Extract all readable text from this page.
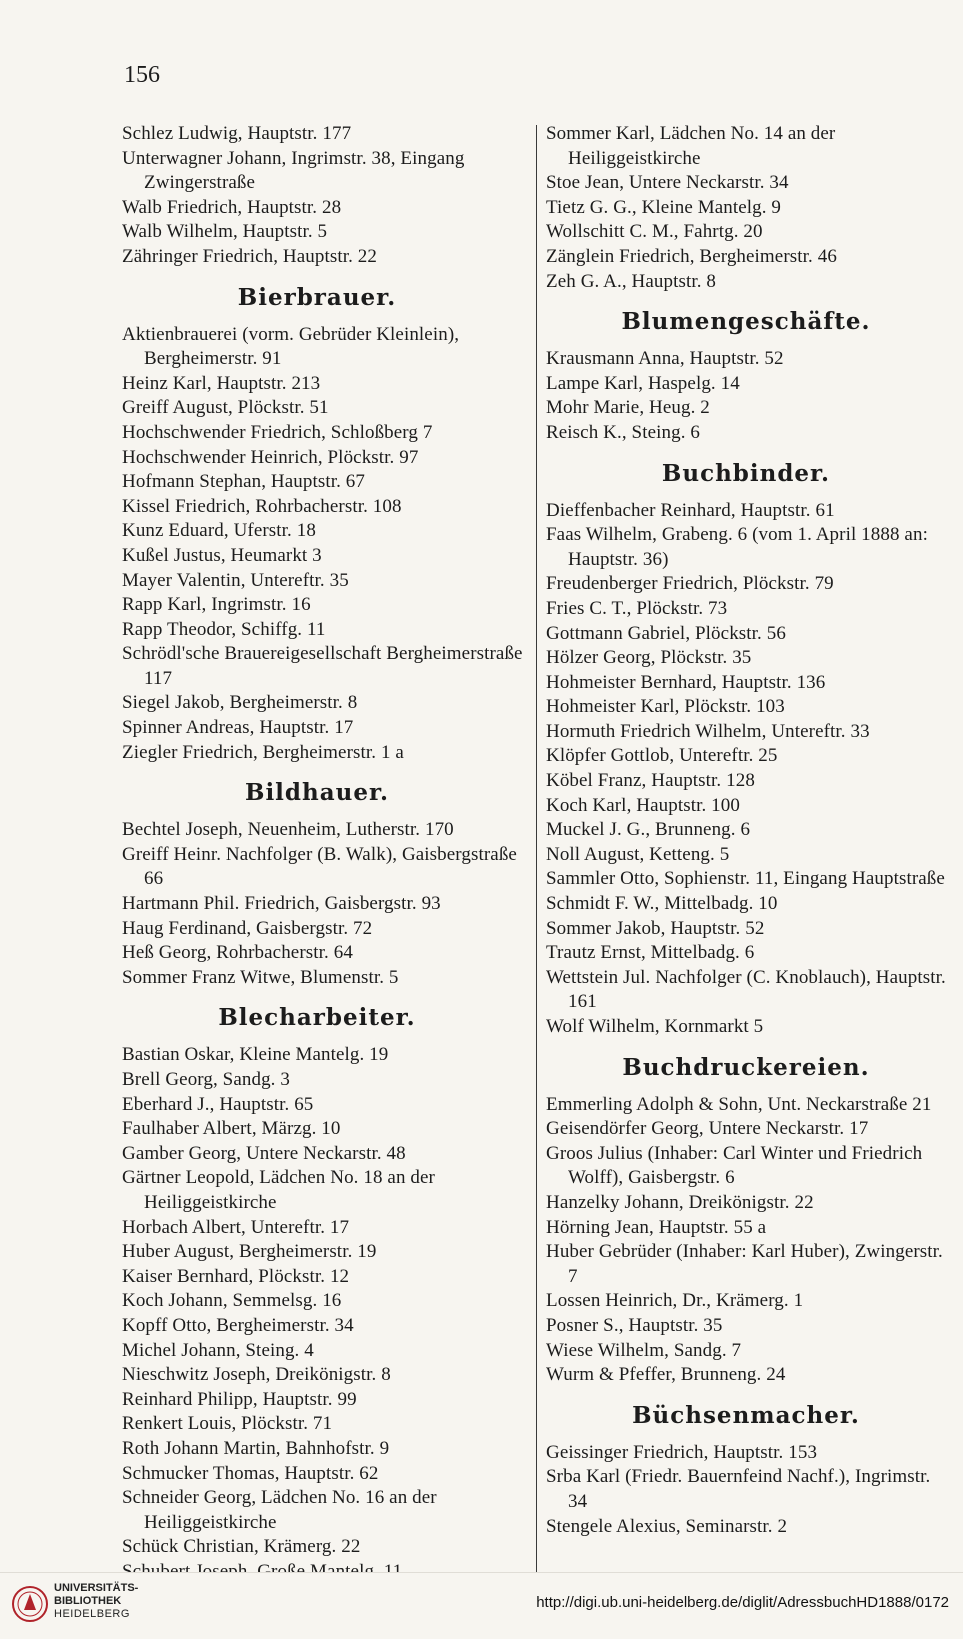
156
Schlez Ludwig, Hauptstr. 177
Unterwagner Johann, Ingrimstr. 38, Eingang Zwingerstraße
Walb Friedrich, Hauptstr. 28
Walb Wilhelm, Hauptstr. 5
Zähringer Friedrich, Hauptstr. 22
Bierbrauer.
Aktienbrauerei (vorm. Gebrüder Kleinlein), Bergheimerstr. 91
Heinz Karl, Hauptstr. 213
Greiff August, Plöckstr. 51
Hochschwender Friedrich, Schloßberg 7
Hochschwender Heinrich, Plöckstr. 97
Hofmann Stephan, Hauptstr. 67
Kissel Friedrich, Rohrbacherstr. 108
Kunz Eduard, Uferstr. 18
Kußel Justus, Heumarkt 3
Mayer Valentin, Untereftr. 35
Rapp Karl, Ingrimstr. 16
Rapp Theodor, Schiffg. 11
Schrödl'sche Brauereigesellschaft Bergheimerstraße 117
Siegel Jakob, Bergheimerstr. 8
Spinner Andreas, Hauptstr. 17
Ziegler Friedrich, Bergheimerstr. 1 a
Bildhauer.
Bechtel Joseph, Neuenheim, Lutherstr. 170
Greiff Heinr. Nachfolger (B. Walk), Gaisbergstraße 66
Hartmann Phil. Friedrich, Gaisbergstr. 93
Haug Ferdinand, Gaisbergstr. 72
Heß Georg, Rohrbacherstr. 64
Sommer Franz Witwe, Blumenstr. 5
Blecharbeiter.
Bastian Oskar, Kleine Mantelg. 19
Brell Georg, Sandg. 3
Eberhard J., Hauptstr. 65
Faulhaber Albert, Märzg. 10
Gamber Georg, Untere Neckarstr. 48
Gärtner Leopold, Lädchen No. 18 an der Heiliggeistkirche
Horbach Albert, Untereftr. 17
Huber August, Bergheimerstr. 19
Kaiser Bernhard, Plöckstr. 12
Koch Johann, Semmelsg. 16
Kopff Otto, Bergheimerstr. 34
Michel Johann, Steing. 4
Nieschwitz Joseph, Dreikönigstr. 8
Reinhard Philipp, Hauptstr. 99
Renkert Louis, Plöckstr. 71
Roth Johann Martin, Bahnhofstr. 9
Schmucker Thomas, Hauptstr. 62
Schneider Georg, Lädchen No. 16 an der Heiliggeistkirche
Schück Christian, Krämerg. 22
Sommer Karl, Lädchen No. 14 an der Heiliggeistkirche
Stoe Jean, Untere Neckarstr. 34
Tietz G. G., Kleine Mantelg. 9
Wollschitt C. M., Fahrtg. 20
Zänglein Friedrich, Bergheimerstr. 46
Zeh G. A., Hauptstr. 8
Blumengeschäfte.
Krausmann Anna, Hauptstr. 52
Lampe Karl, Haspelg. 14
Mohr Marie, Heug. 2
Reisch K., Steing. 6
Buchbinder.
Dieffenbacher Reinhard, Hauptstr. 61
Faas Wilhelm, Grabeng. 6 (vom 1. April 1888 an: Hauptstr. 36)
Freudenberger Friedrich, Plöckstr. 79
Fries C. T., Plöckstr. 73
Gottmann Gabriel, Plöckstr. 56
Hölzer Georg, Plöckstr. 35
Hohmeister Bernhard, Hauptstr. 136
Hohmeister Karl, Plöckstr. 103
Hormuth Friedrich Wilhelm, Untereftr. 33
Klöpfer Gottlob, Untereftr. 25
Köbel Franz, Hauptstr. 128
Koch Karl, Hauptstr. 100
Muckel J. G., Brunneng. 6
Noll August, Ketteng. 5
Sammler Otto, Sophienstr. 11, Eingang Hauptstraße
Schmidt F. W., Mittelbadg. 10
Sommer Jakob, Hauptstr. 52
Trautz Ernst, Mittelbadg. 6
Wettstein Jul. Nachfolger (C. Knoblauch), Hauptstr. 161
Wolf Wilhelm, Kornmarkt 5
Buchdruckereien.
Emmerling Adolph & Sohn, Unt. Neckarstraße 21
Geisendörfer Georg, Untere Neckarstr. 17
Groos Julius (Inhaber: Carl Winter und Friedrich Wolff), Gaisbergstr. 6
Hanzelky Johann, Dreikönigstr. 22
Hörning Jean, Hauptstr. 55 a
Huber Gebrüder (Inhaber: Karl Huber), Zwingerstr. 7
Lossen Heinrich, Dr., Krämerg. 1
Posner S., Hauptstr. 35
Wiese Wilhelm, Sandg. 7
Wurm & Pfeffer, Brunneng. 24
Büchsenmacher.
Geissinger Friedrich, Hauptstr. 153
Srba Karl (Friedr. Bauernfeind Nachf.), Ingrimstr. 34
Stengele Alexius, Seminarstr. 2
UNIVERSITÄTS-
BIBLIOTHEK
HEIDELBERG
http://digi.ub.uni-heidelberg.de/diglit/AdressbuchHD1888/0172
